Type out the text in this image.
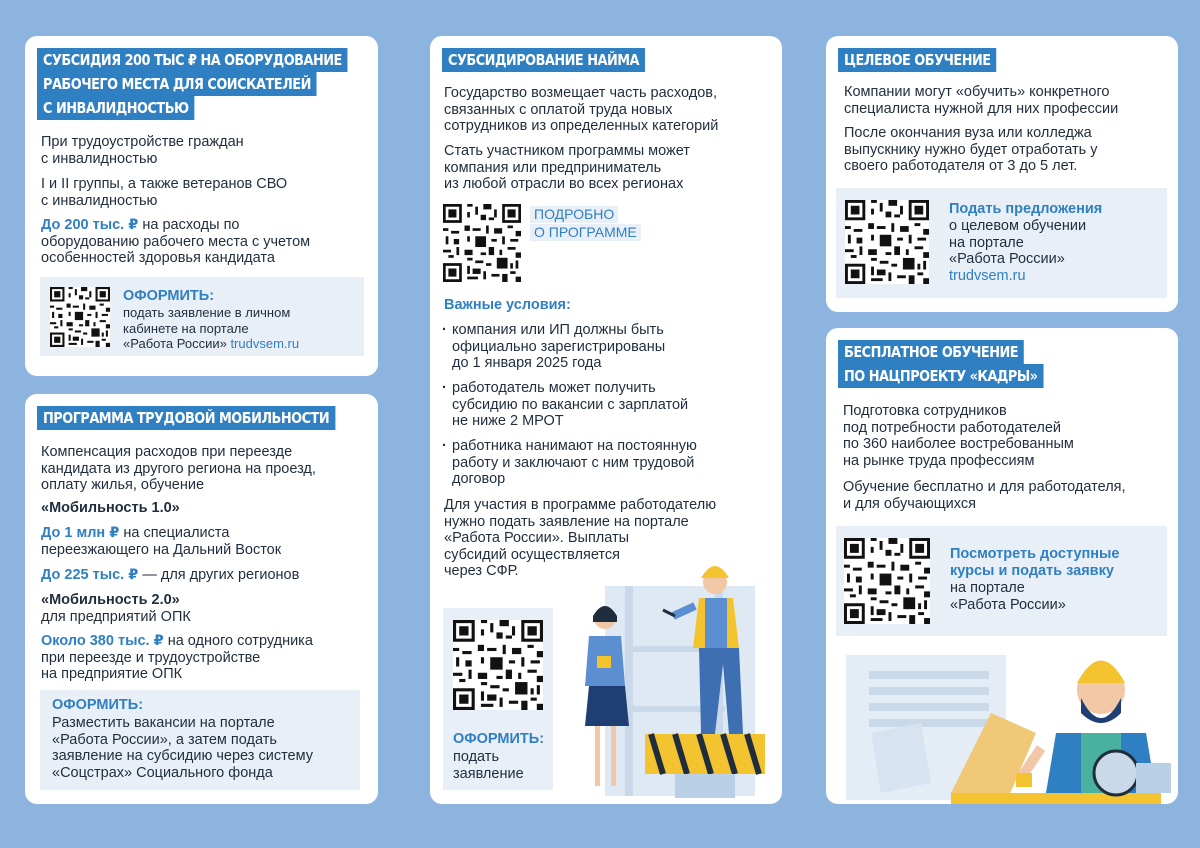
СУБСИДИЯ 200 ТЫС ₽ НА ОБОРУДОВАНИЕ
РАБОЧЕГО МЕСТА ДЛЯ СОИСКАТЕЛЕЙ
С ИНВАЛИДНОСТЬЮ
При трудоустройстве граждан
с инвалидностью
I и II группы, а также ветеранов СВО
с инвалидностью
До 200 тыс. ₽ на расходы по
оборудованию рабочего места с учетом
особенностей здоровья кандидата
ОФОРМИТЬ:
подать заявление в личном
кабинете на портале
«Работа России» trudvsem.ru
ПРОГРАММА ТРУДОВОЙ МОБИЛЬНОСТИ
Компенсация расходов при переезде
кандидата из другого региона на проезд,
оплату жилья, обучение
«Мобильность 1.0»
До 1 млн ₽ на специалиста
переезжающего на Дальний Восток
До 225 тыс. ₽ — для других регионов
«Мобильность 2.0»
для предприятий ОПК
Около 380 тыс. ₽ на одного сотрудника
при переезде и трудоустройстве
на предприятие ОПК
ОФОРМИТЬ:
Разместить вакансии на портале
«Работа России», а затем подать
заявление на субсидию через систему
«Соцстрах» Социального фонда
СУБСИДИРОВАНИЕ НАЙМА
Государство возмещает часть расходов,
связанных с оплатой труда новых
сотрудников из определенных категорий
Стать участником программы может
компания или предприниматель
из любой отрасли во всех регионах
ПОДРОБНО
О ПРОГРАММЕ
Важные условия:
· компания или ИП должны быть
официально зарегистрированы
до 1 января 2025 года
· работодатель может получить
субсидию по вакансии с зарплатой
не ниже 2 МРОТ
· работника нанимают на постоянную
работу и заключают с ним трудовой
договор
Для участия в программе работодателю
нужно подать заявление на портале
«Работа России». Выплаты
субсидий осуществляется
через СФР.
ОФОРМИТЬ:
подать
заявление
ЦЕЛЕВОЕ ОБУЧЕНИЕ
Компании могут «обучить» конкретного
специалиста нужной для них профессии
После окончания вуза или колледжа
выпускнику нужно будет отработать у
своего работодателя от 3 до 5 лет.
Подать предложения
о целевом обучении
на портале
«Работа России»
trudvsem.ru
БЕСПЛАТНОЕ ОБУЧЕНИЕ
ПО НАЦПРОЕКТУ «КАДРЫ»
Подготовка сотрудников
под потребности работодателей
по 360 наиболее востребованным
на рынке труда профессиям
Обучение бесплатно и для работодателя,
и для обучающихся
Посмотреть доступные
курсы и подать заявку
на портале
«Работа России»
